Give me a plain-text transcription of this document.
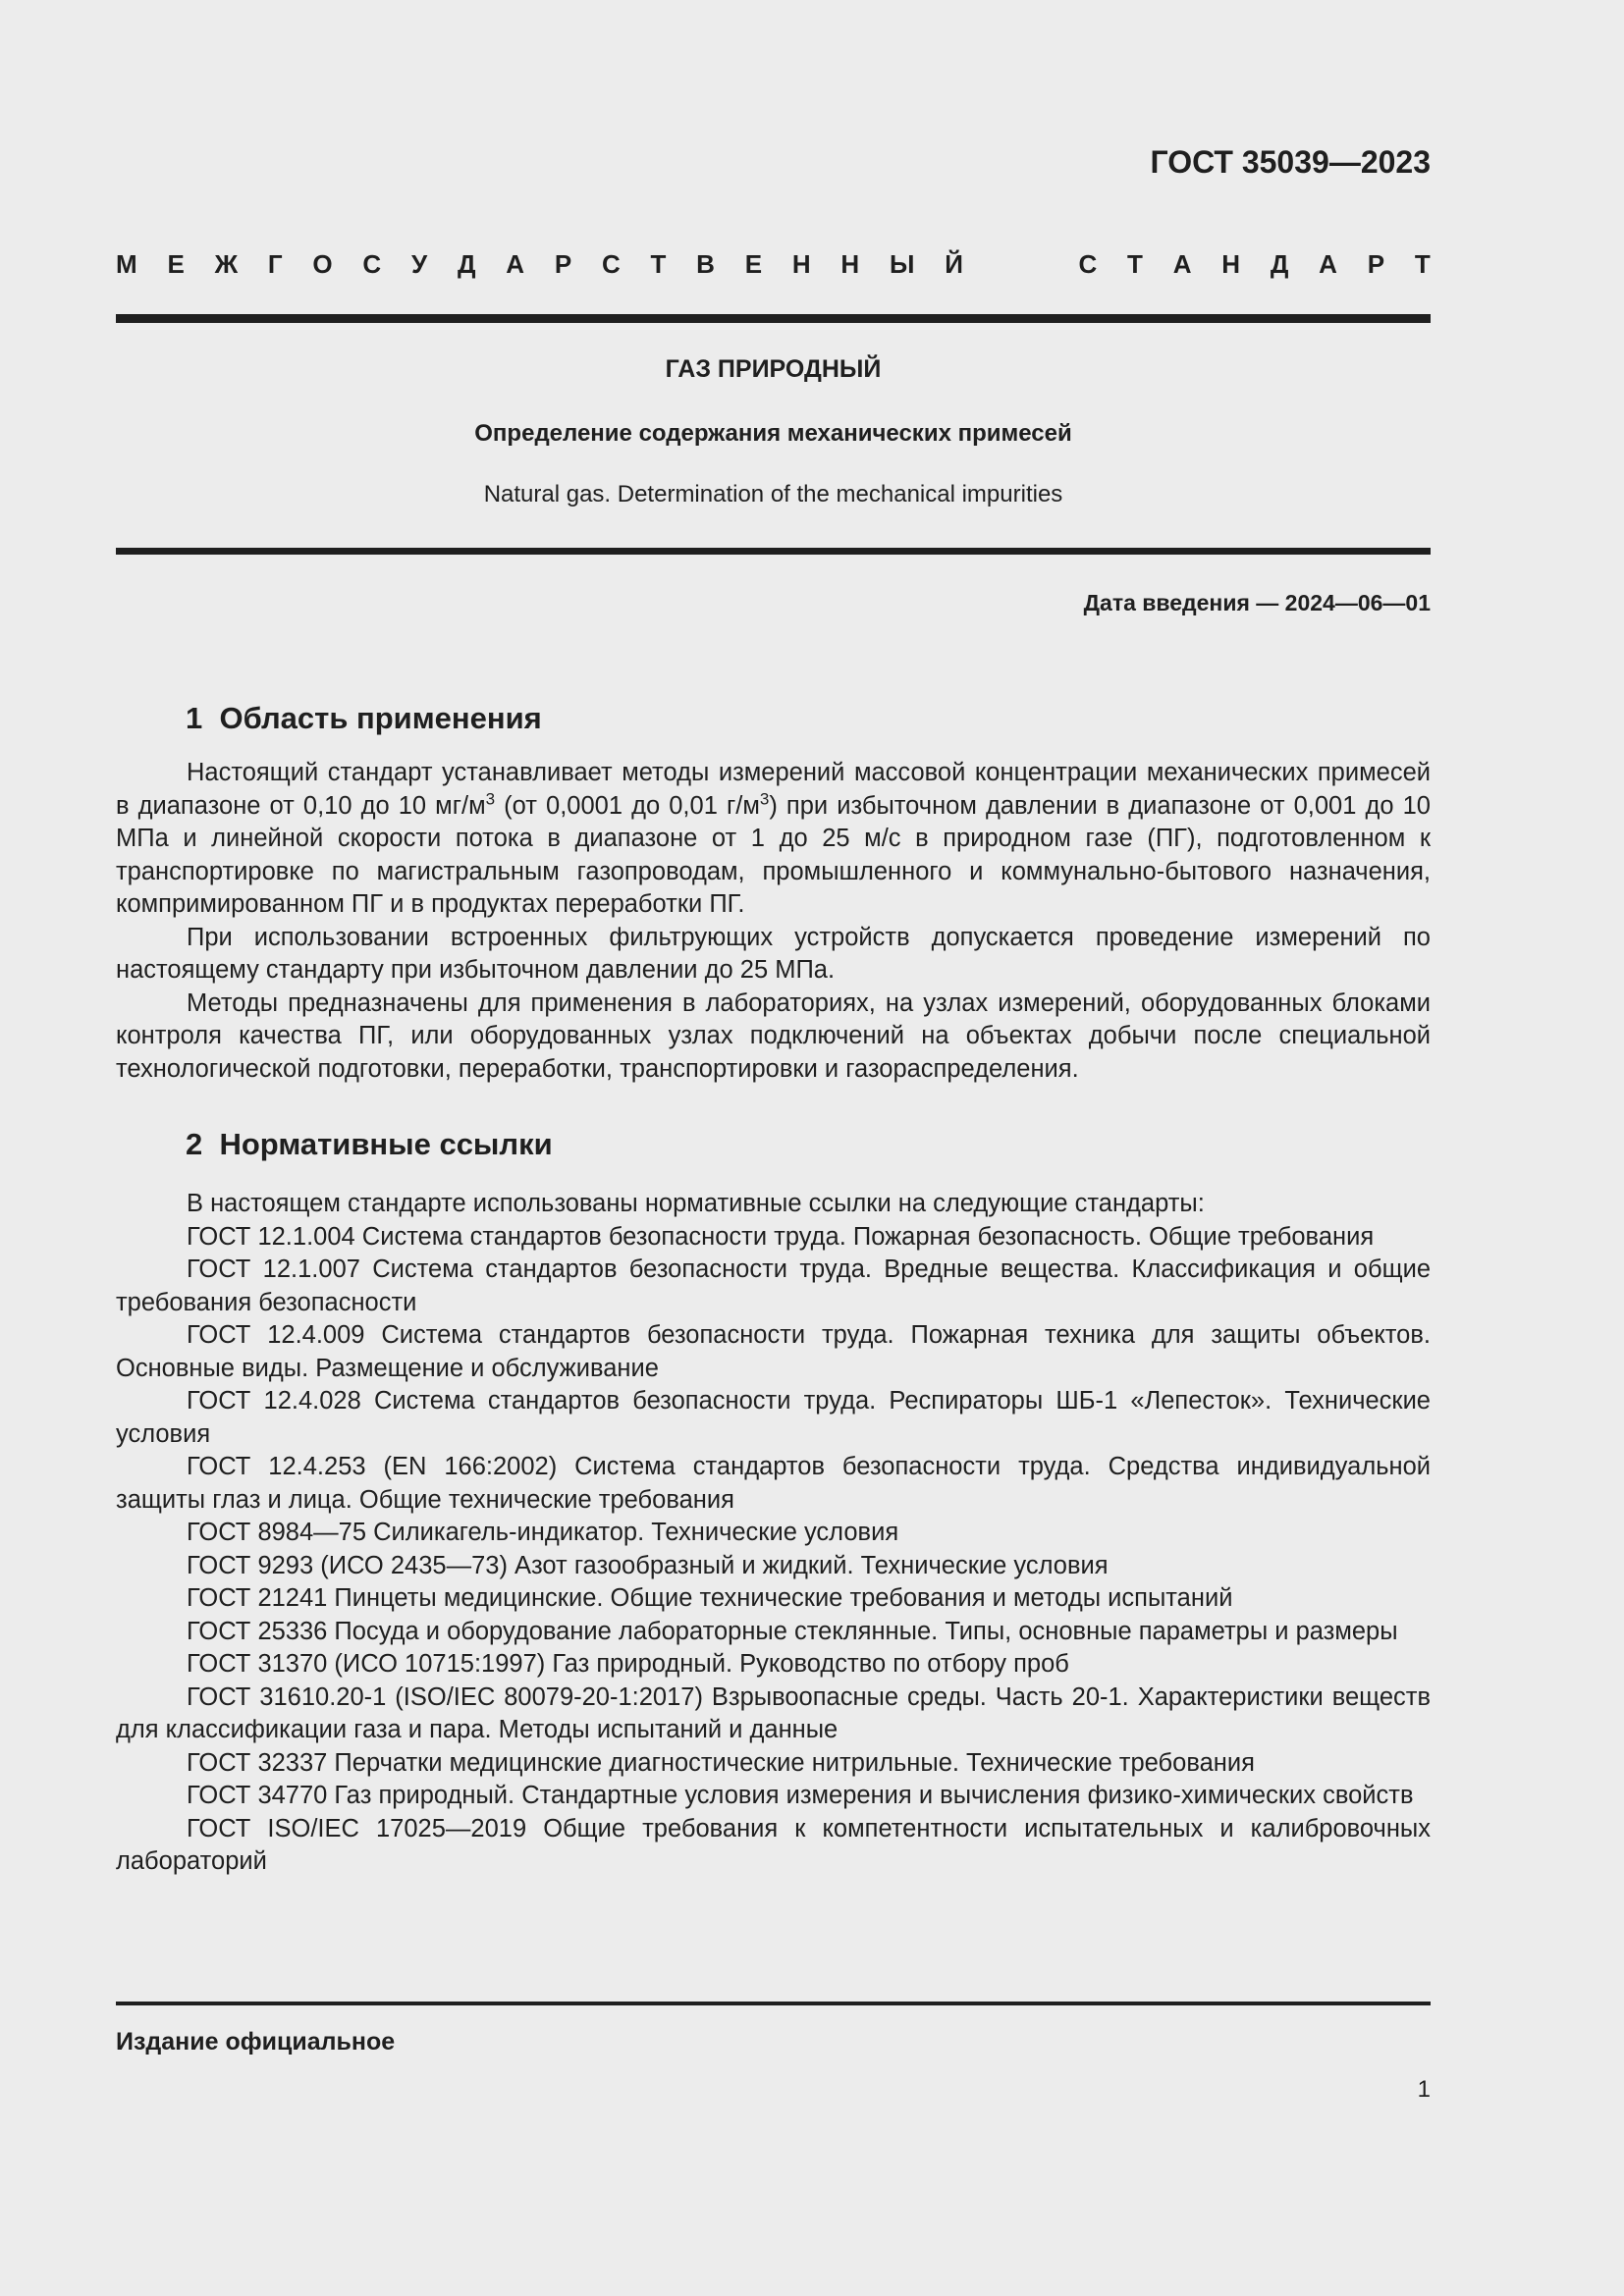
ГОСТ 35039—2023
М Е Ж Г О С У Д А Р С Т В Е Н Н Ы Й	С Т А Н Д А Р Т
ГАЗ ПРИРОДНЫЙ
Определение содержания механических примесей
Natural gas. Determination of the mechanical impurities
Дата введения — 2024—06—01
1 Область применения

Настоящий стандарт устанавливает методы измерений массовой концентрации механических примесей в диапазоне от 0,10 до 10 $мг/м^3$ (от 0,0001 до 0,01 $г/м^3$) при избыточном давлении в диапазоне от 0,001 до 10 МПа и линейной скорости потока в диапазоне от 1 до 25 м/с в природном газе (ПГ), подготовленном к транспортировке по магистральным газопроводам, промышленного и коммунально-бытового назначения, компримированном ПГ и в продуктах переработки ПГ.

При использовании встроенных фильтрующих устройств допускается проведение измерений по настоящему стандарту при избыточном давлении до 25 МПа.

Методы предназначены для применения в лабораториях, на узлах измерений, оборудованных блоками контроля качества ПГ, или оборудованных узлах подключений на объектах добычи после специальной технологической подготовки, переработки, транспортировки и газораспределения.

2 Нормативные ссылки

В настоящем стандарте использованы нормативные ссылки на следующие стандарты:

ГОСТ 12.1.004 Система стандартов безопасности труда. Пожарная безопасность. Общие требования

ГОСТ 12.1.007 Система стандартов безопасности труда. Вредные вещества. Классификация и общие требования безопасности

ГОСТ 12.4.009 Система стандартов безопасности труда. Пожарная техника для защиты объектов. Основные виды. Размещение и обслуживание

ГОСТ 12.4.028 Система стандартов безопасности труда. Респираторы ШБ-1 «Лепесток». Технические условия

ГОСТ 12.4.253 (EN 166:2002) Система стандартов безопасности труда. Средства индивидуальной защиты глаз и лица. Общие технические требования

ГОСТ 8984—75 Силикагель-индикатор. Технические условия

ГОСТ 9293 (ИСО 2435—73) Азот газообразный и жидкий. Технические условия

ГОСТ 21241 Пинцеты медицинские. Общие технические требования и методы испытаний

ГОСТ 25336 Посуда и оборудование лабораторные стеклянные. Типы, основные параметры и размеры

ГОСТ 31370 (ИСО 10715:1997) Газ природный. Руководство по отбору проб

ГОСТ 31610.20-1 (ISO/IEC 80079-20-1:2017) Взрывоопасные среды. Часть 20-1. Характеристики веществ для классификации газа и пара. Методы испытаний и данные

ГОСТ 32337 Перчатки медицинские диагностические нитрильные. Технические требования

ГОСТ 34770 Газ природный. Стандартные условия измерения и вычисления физико-химических свойств

ГОСТ ISO/IEC 17025—2019 Общие требования к компетентности испытательных и калибровочных лабораторий

Издание официальное
1
